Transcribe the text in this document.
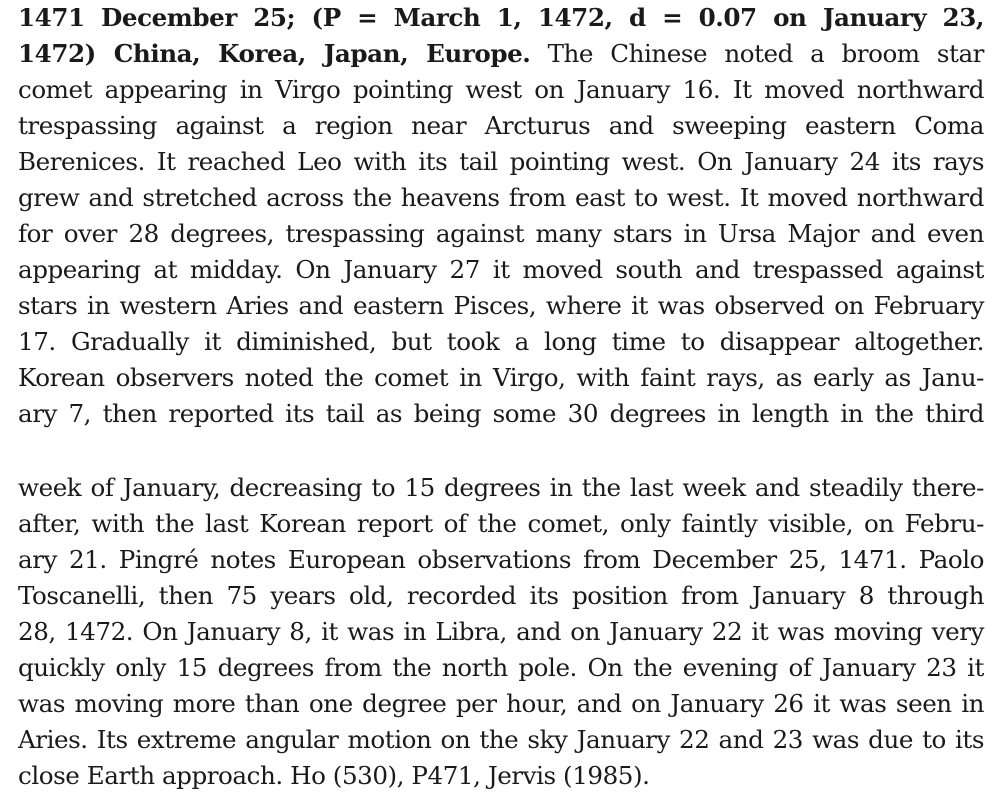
1471 December 25; (P = March 1, 1472, d = 0.07 on January 23,
1472) China, Korea, Japan, Europe. The Chinese noted a broom star
comet appearing in Virgo pointing west on January 16. It moved northward
trespassing against a region near Arcturus and sweeping eastern Coma
Berenices. It reached Leo with its tail pointing west. On January 24 its rays
grew and stretched across the heavens from east to west. It moved northward
for over 28 degrees, trespassing against many stars in Ursa Major and even
appearing at midday. On January 27 it moved south and trespassed against
stars in western Aries and eastern Pisces, where it was observed on February
17. Gradually it diminished, but took a long time to disappear altogether.
Korean observers noted the comet in Virgo, with faint rays, as early as Janu-
ary 7, then reported its tail as being some 30 degrees in length in the third
week of January, decreasing to 15 degrees in the last week and steadily there-
after, with the last Korean report of the comet, only faintly visible, on Febru-
ary 21. Pingré notes European observations from December 25, 1471. Paolo
Toscanelli, then 75 years old, recorded its position from January 8 through
28, 1472. On January 8, it was in Libra, and on January 22 it was moving very
quickly only 15 degrees from the north pole. On the evening of January 23 it
was moving more than one degree per hour, and on January 26 it was seen in
Aries. Its extreme angular motion on the sky January 22 and 23 was due to its
close Earth approach. Ho (530), P471, Jervis (1985).
